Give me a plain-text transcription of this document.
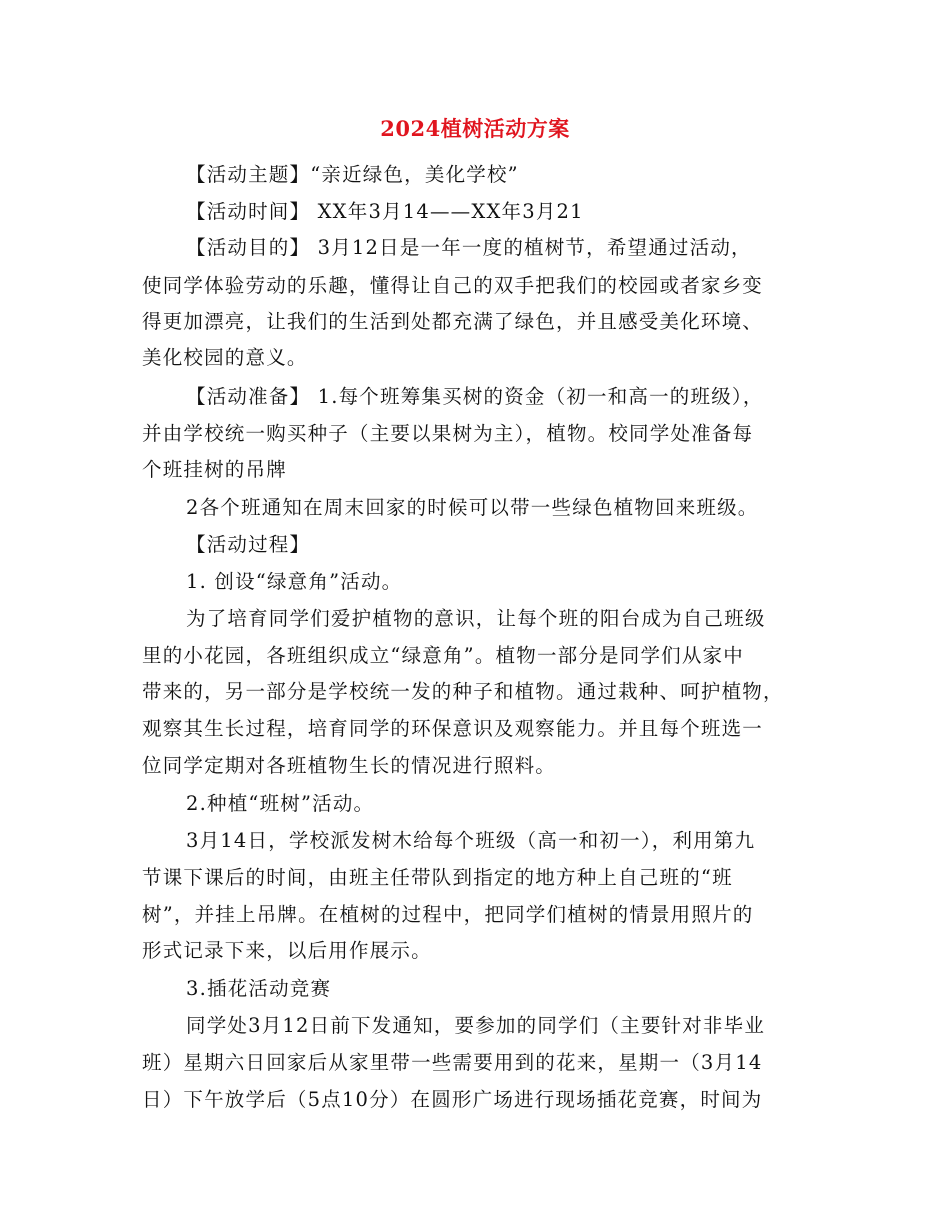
2024植树活动方案
【活动主题】“亲近绿色，美化学校”
【活动时间】 XX年3月14——XX年3月21
【活动目的】 3月12日是一年一度的植树节，希望通过活动，
使同学体验劳动的乐趣，懂得让自己的双手把我们的校园或者家乡变
得更加漂亮，让我们的生活到处都充满了绿色，并且感受美化环境、
美化校园的意义。
【活动准备】 1.每个班筹集买树的资金（初一和高一的班级），
并由学校统一购买种子（主要以果树为主），植物。校同学处准备每
个班挂树的吊牌
2各个班通知在周末回家的时候可以带一些绿色植物回来班级。
【活动过程】
1. 创设“绿意角”活动。
为了培育同学们爱护植物的意识，让每个班的阳台成为自己班级
里的小花园，各班组织成立“绿意角”。植物一部分是同学们从家中
带来的，另一部分是学校统一发的种子和植物。通过栽种、呵护植物，
观察其生长过程，培育同学的环保意识及观察能力。并且每个班选一
位同学定期对各班植物生长的情况进行照料。
2.种植“班树”活动。
3月14日，学校派发树木给每个班级（高一和初一），利用第九
节课下课后的时间，由班主任带队到指定的地方种上自己班的“班
树”，并挂上吊牌。在植树的过程中，把同学们植树的情景用照片的
形式记录下来，以后用作展示。
3.插花活动竞赛
同学处3月12日前下发通知，要参加的同学们（主要针对非毕业
班）星期六日回家后从家里带一些需要用到的花来，星期一（3月14
日）下午放学后（5点10分）在圆形广场进行现场插花竞赛，时间为
